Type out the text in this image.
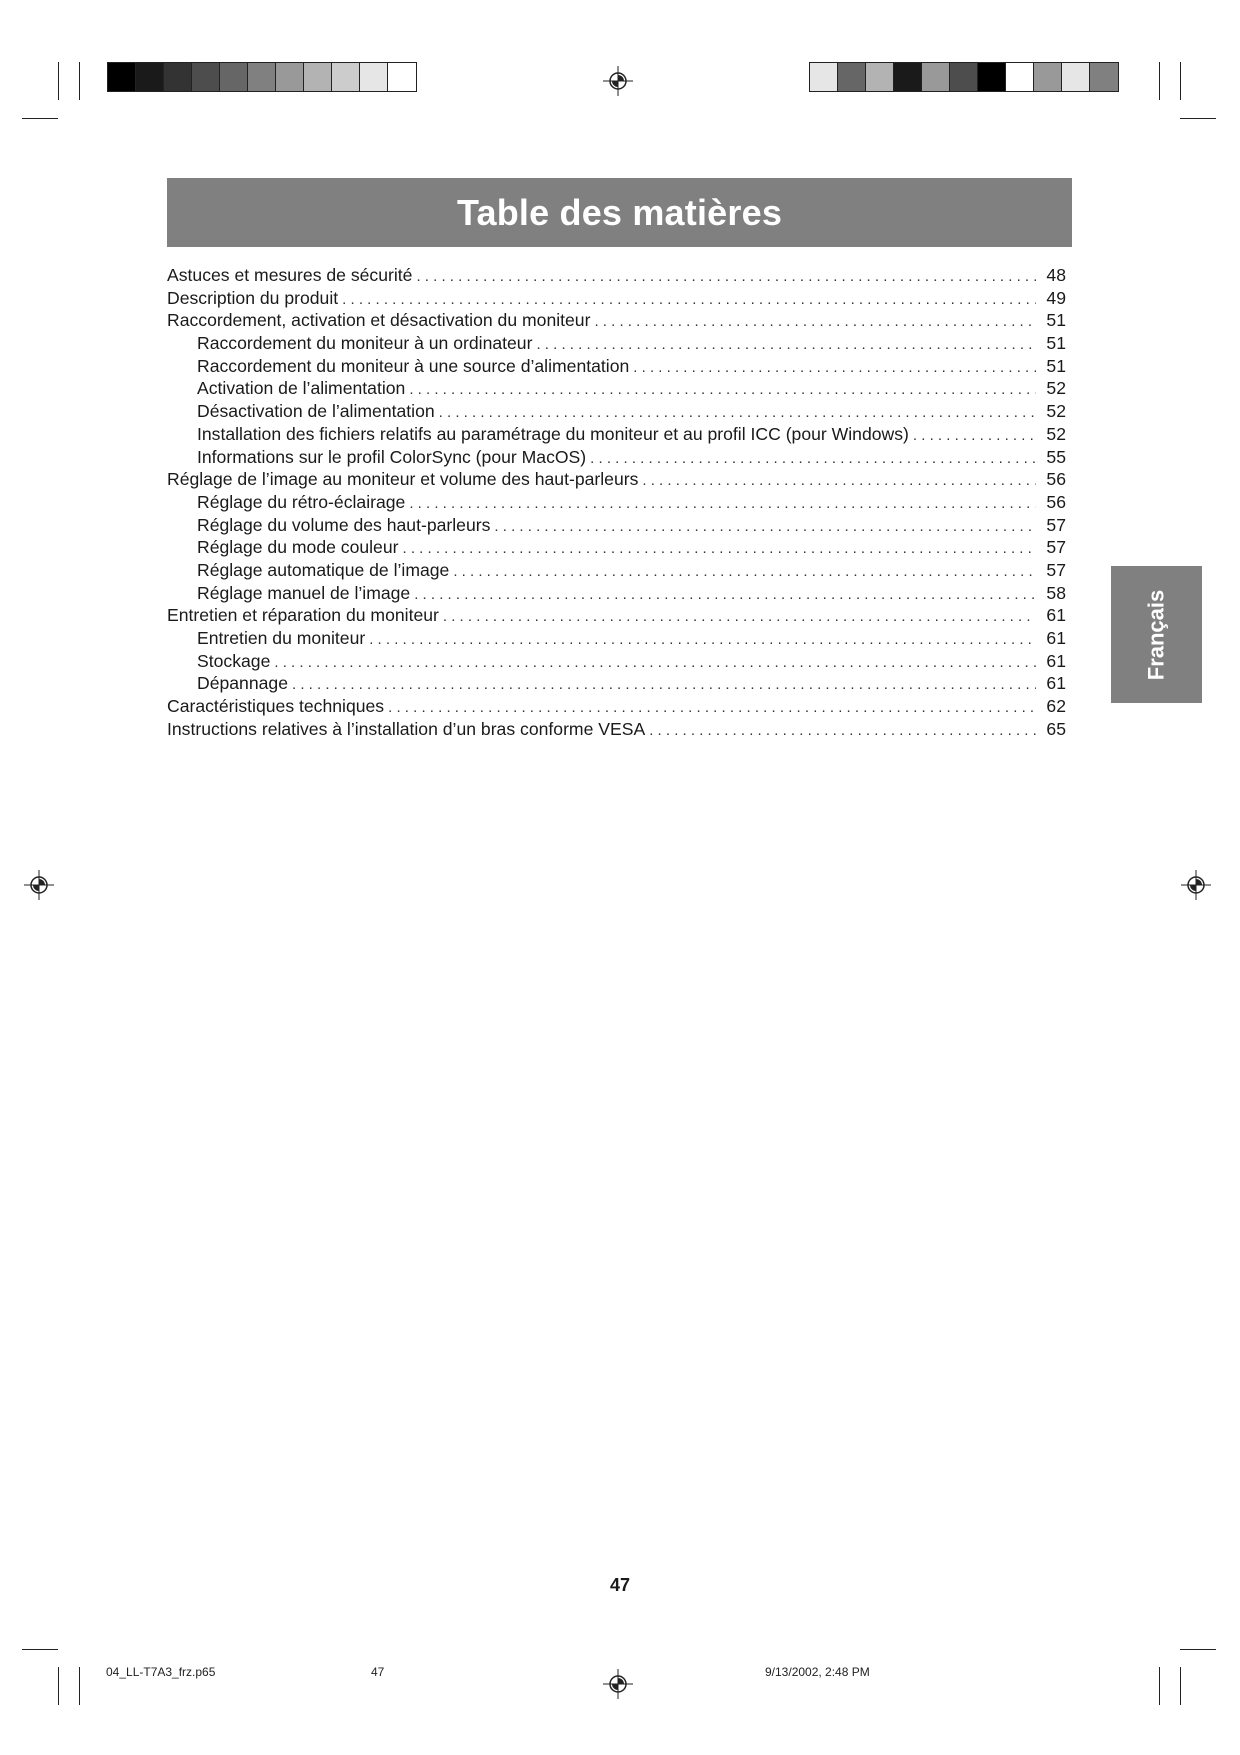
Table des matières
Astuces et mesures de sécurité . . .	48
Description du produit . . .	49
Raccordement, activation et désactivation du moniteur . . .	51
Raccordement du moniteur à un ordinateur . . .	51
Raccordement du moniteur à une source d’alimentation . . .	51
Activation de l’alimentation . . .	52
Désactivation de l’alimentation . . .	52
Installation des fichiers relatifs au paramétrage du moniteur et au profil ICC (pour Windows) . . .	52
Informations sur le profil ColorSync (pour MacOS) . . .	55
Réglage de l’image au moniteur et volume des haut-parleurs . . .	56
Réglage du rétro-éclairage . . .	56
Réglage du volume des haut-parleurs . . .	57
Réglage du mode couleur . . .	57
Réglage automatique de l’image . . .	57
Réglage manuel de l’image . . .	58
Entretien et réparation du moniteur . . .	61
Entretien du moniteur . . .	61
Stockage . . .	61
Dépannage . . .	61
Caractéristiques techniques . . .	62
Instructions relatives à l’installation d’un bras conforme VESA . . .	65
Français
47
04_LL-T7A3_frz.p65	47	9/13/2002, 2:48 PM
